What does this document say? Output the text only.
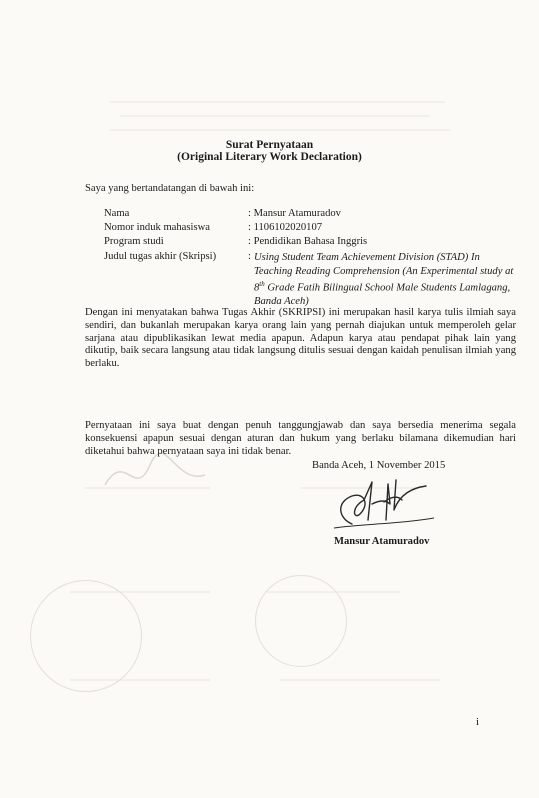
Surat Pernyataan
(Original Literary Work Declaration)
Saya yang bertandatangan di bawah ini:
Nama	: Mansur Atamuradov
Nomor induk mahasiswa	: 1106102020107
Program studi	: Pendidikan Bahasa Inggris
Judul tugas akhir (Skripsi)	: Using Student Team Achievement Division (STAD) In Teaching Reading Comprehension (An Experimental study at 8th Grade Fatih Bilingual School Male Students Lamlagang, Banda Aceh)
Dengan ini menyatakan bahwa Tugas Akhir (SKRIPSI) ini merupakan hasil karya tulis ilmiah saya sendiri, dan bukanlah merupakan karya orang lain yang pernah diajukan untuk memperoleh gelar sarjana atau dipublikasikan lewat media apapun. Adapun karya atau pendapat pihak lain yang dikutip, baik secara langsung atau tidak langsung ditulis sesuai dengan kaidah penulisan ilmiah yang berlaku.
Pernyataan ini saya buat dengan penuh tanggungjawab dan saya bersedia menerima segala konsekuensi apapun sesuai dengan aturan dan hukum yang berlaku bilamana dikemudian hari diketahui bahwa pernyataan saya ini tidak benar.
Banda Aceh, 1 November 2015
Mansur Atamuradov
i
